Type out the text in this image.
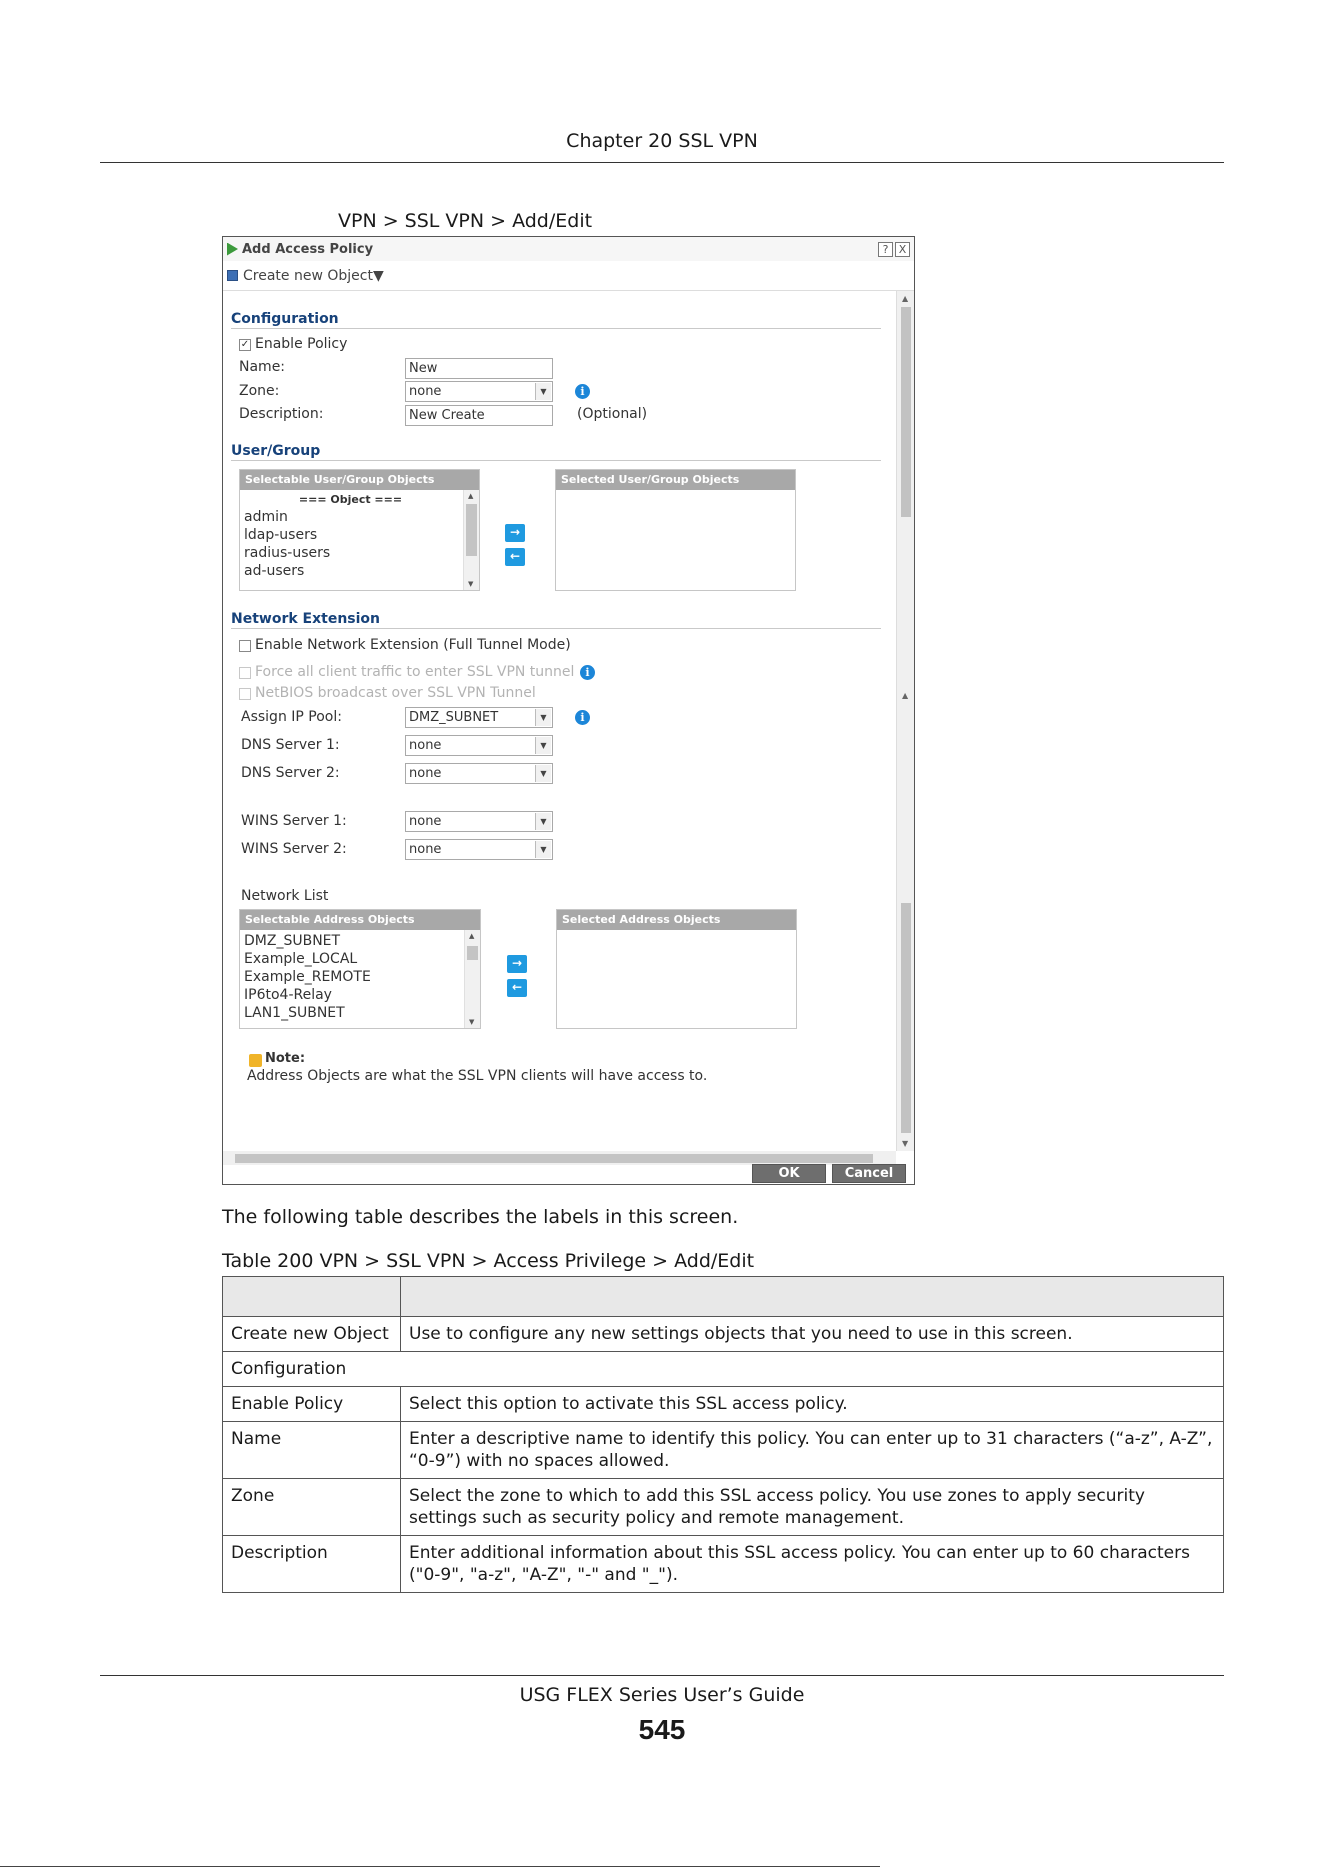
Chapter 20 SSL VPN
VPN > SSL VPN > Add/Edit
Add Access Policy	? X
Create new Object▼
Configuration
✓ Enable Policy
Name:	New
Zone:	none	▼	i
Description:	New Create	(Optional)
User/Group
Selectable User/Group Objects
=== Object ===
admin
ldap-users
radius-users
ad-users
▲
▼
→
←
Selected User/Group Objects
Network Extension
Enable Network Extension (Full Tunnel Mode)
Force all client traffic to enter SSL VPN tunnel i
NetBIOS broadcast over SSL VPN Tunnel
Assign IP Pool:	DMZ_SUBNET	▼	i
DNS Server 1:	none	▼
DNS Server 2:	none	▼
WINS Server 1:	none	▼
WINS Server 2:	none	▼
Network List
Selectable Address Objects
DMZ_SUBNET
Example_LOCAL
Example_REMOTE
IP6to4-Relay
LAN1_SUBNET
▲
▼
→
←
Selected Address Objects
Note:
Address Objects are what the SSL VPN clients will have access to.
▲
▲
▼
OK	Cancel
The following table describes the labels in this screen.
Table 200 VPN > SSL VPN > Access Privilege > Add/Edit

Create new Object	Use to configure any new settings objects that you need to use in this screen.
Configuration	
Enable Policy	Select this option to activate this SSL access policy.
Name	Enter a descriptive name to identify this policy. You can enter up to 31 characters (“a-z”, A-Z”, “0-9”) with no spaces allowed.
Zone	Select the zone to which to add this SSL access policy. You use zones to apply security settings such as security policy and remote management.
Description	Enter additional information about this SSL access policy. You can enter up to 60 characters ("0-9", "a-z", "A-Z", "-" and "_").
USG FLEX Series User’s Guide
545
